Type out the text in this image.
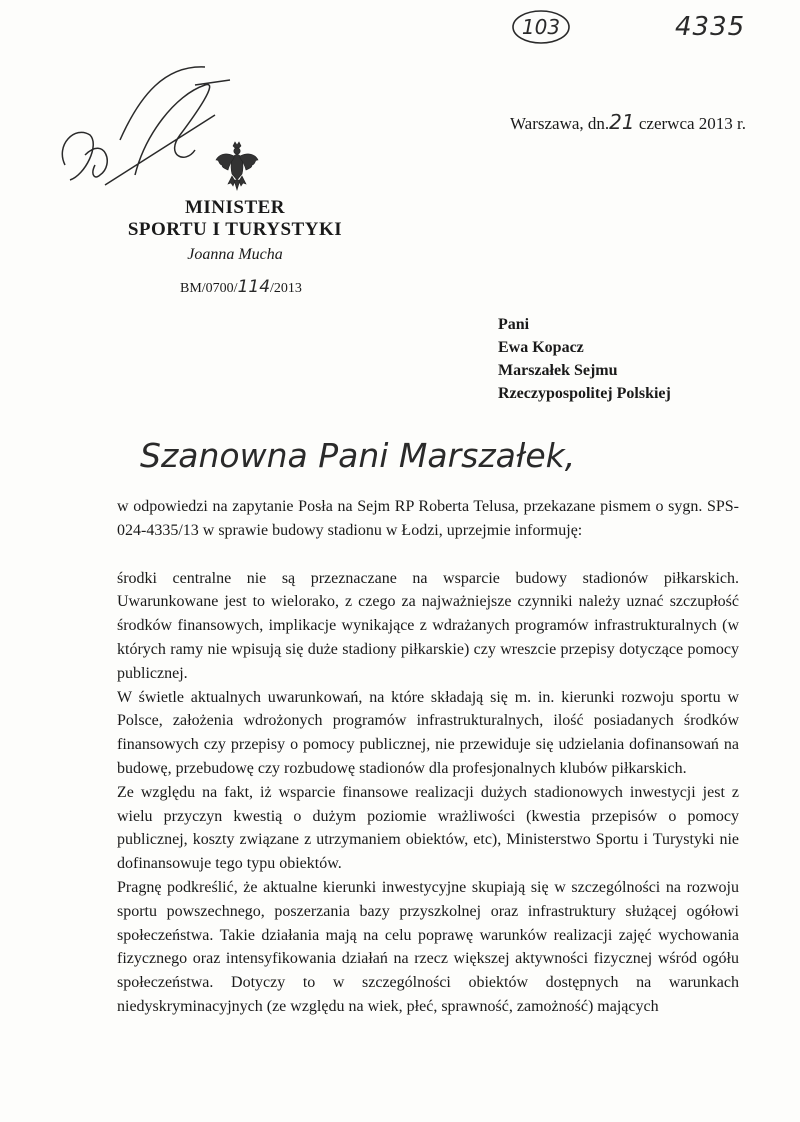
103	4335
Warszawa, dn.21 czerwca 2013 r.
MINISTER
SPORTU I TURYSTYKI
Joanna Mucha
BM/0700/114/2013
Pani
Ewa Kopacz
Marszałek Sejmu
Rzeczypospolitej Polskiej
Szanowna Pani Marszałek,

w odpowiedzi na zapytanie Posła na Sejm RP Roberta Telusa, przekazane pismem o sygn. SPS-024-4335/13 w sprawie budowy stadionu w Łodzi, uprzejmie informuję:

środki centralne nie są przeznaczane na wsparcie budowy stadionów piłkarskich. Uwarunkowane jest to wielorako, z czego za najważniejsze czynniki należy uznać szczupłość środków finansowych, implikacje wynikające z wdrażanych programów infrastrukturalnych (w których ramy nie wpisują się duże stadiony piłkarskie) czy wreszcie przepisy dotyczące pomocy publicznej.

W świetle aktualnych uwarunkowań, na które składają się m. in. kierunki rozwoju sportu w Polsce, założenia wdrożonych programów infrastrukturalnych, ilość posiadanych środków finansowych czy przepisy o pomocy publicznej, nie przewiduje się udzielania dofinansowań na budowę, przebudowę czy rozbudowę stadionów dla profesjonalnych klubów piłkarskich.

Ze względu na fakt, iż wsparcie finansowe realizacji dużych stadionowych inwestycji jest z wielu przyczyn kwestią o dużym poziomie wrażliwości (kwestia przepisów o pomocy publicznej, koszty związane z utrzymaniem obiektów, etc), Ministerstwo Sportu i Turystyki nie dofinansowuje tego typu obiektów.

Pragnę podkreślić, że aktualne kierunki inwestycyjne skupiają się w szczególności na rozwoju sportu powszechnego, poszerzania bazy przyszkolnej oraz infrastruktury służącej ogółowi społeczeństwa. Takie działania mają na celu poprawę warunków realizacji zajęć wychowania fizycznego oraz intensyfikowania działań na rzecz większej aktywności fizycznej wśród ogółu społeczeństwa. Dotyczy to w szczególności obiektów dostępnych na warunkach niedyskryminacyjnych (ze względu na wiek, płeć, sprawność, zamożność) mających
